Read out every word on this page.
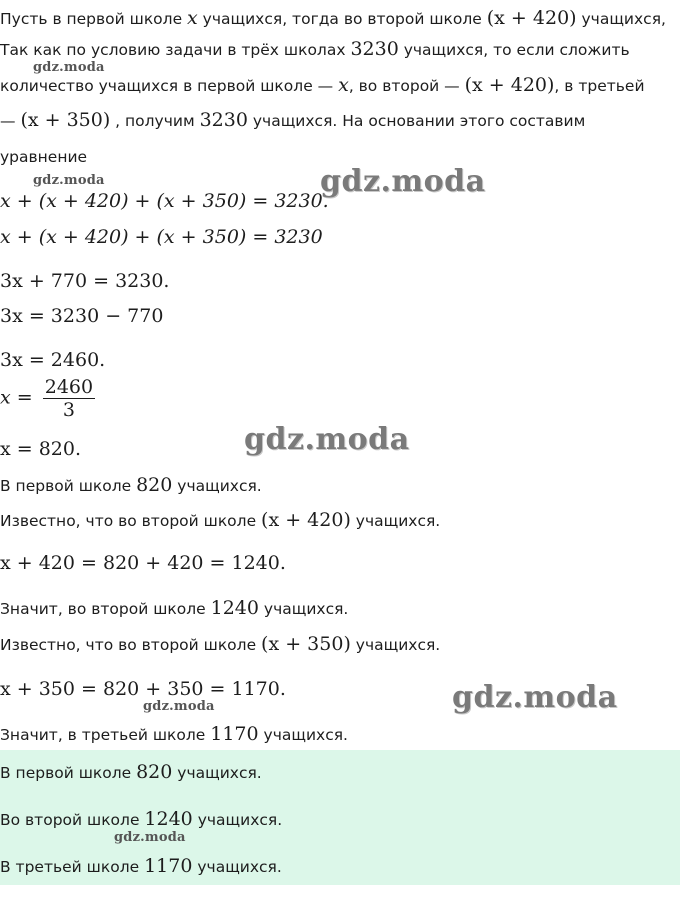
Пусть в первой школе x учащихся, тогда во второй школе (x + 420) учащихся,
Так как по условию задачи в трёх школах 3230 учащихся, то если сложить
количество учащихся в первой школе — x, во второй — (x + 420), в третьей
— (x + 350) , получим 3230 учащихся. На основании этого составим
уравнение
x + (x + 420) + (x + 350) = 3230.
x + (x + 420) + (x + 350) = 3230
3x + 770 = 3230.
3x = 3230 − 770
3x = 2460.
$x = \frac{2460}{3}$
x = 820.
В первой школе 820 учащихся.
Известно, что во второй школе (x + 420) учащихся.
x + 420 = 820 + 420 = 1240.
Значит, во второй школе 1240 учащихся.
Известно, что во второй школе (x + 350) учащихся.
x + 350 = 820 + 350 = 1170.
Значит, в третьей школе 1170 учащихся.
В первой школе 820 учащихся.
Во второй школе 1240 учащихся.
В третьей школе 1170 учащихся.
gdz.moda
gdz.moda
gdz.moda
gdz.moda
gdz.moda
gdz.moda
gdz.moda
